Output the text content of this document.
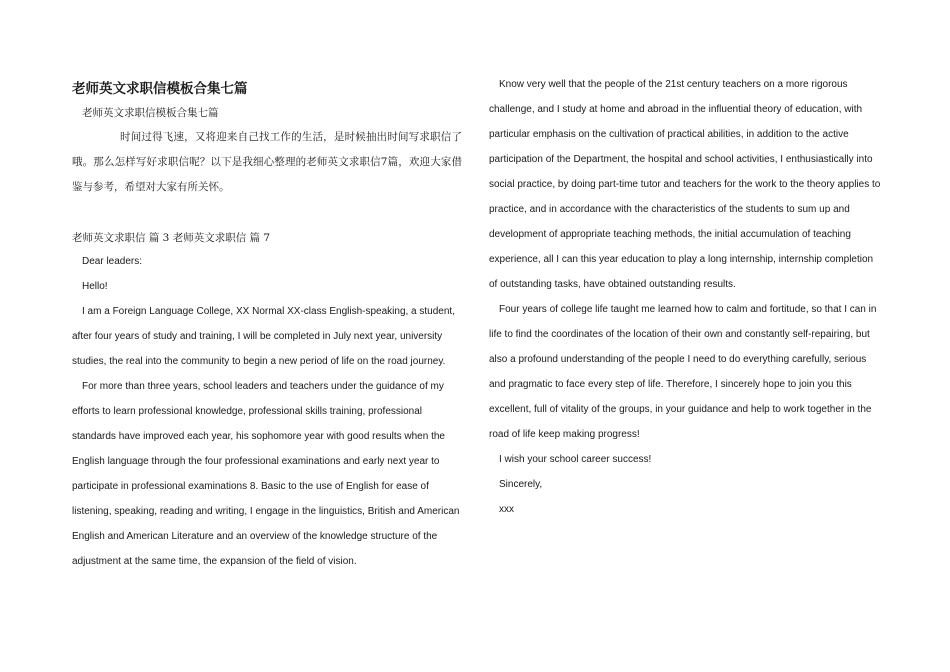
老师英文求职信模板合集七篇
老师英文求职信模板合集七篇
时间过得飞速，又将迎来自己找工作的生活，是时候抽出时间写求职信了哦。那么怎样写好求职信呢？以下是我细心整理的老师英文求职信7篇，欢迎大家借鉴与参考，希望对大家有所关怀。
老师英文求职信 篇 3 老师英文求职信 篇 7

Dear leaders:

Hello!

I am a Foreign Language College, XX Normal XX-class English-speaking, a student, after four years of study and training, I will be completed in July next year, university studies, the real into the community to begin a new period of life on the road journey.

For more than three years, school leaders and teachers under the guidance of my efforts to learn professional knowledge, professional skills training, professional standards have improved each year, his sophomore year with good results when the English language through the four professional examinations and early next year to participate in professional examinations 8. Basic to the use of English for ease of listening, speaking, reading and writing, I engage in the linguistics, British and American English and American Literature and an overview of the knowledge structure of the adjustment at the same time, the expansion of the field of vision.

Know very well that the people of the 21st century teachers on a more rigorous challenge, and I study at home and abroad in the influential theory of education, with particular emphasis on the cultivation of practical abilities, in addition to the active participation of the Department, the hospital and school activities, I enthusiastically into social practice, by doing part-time tutor and teachers for the work to the theory applies to practice, and in accordance with the characteristics of the students to sum up and development of appropriate teaching methods, the initial accumulation of teaching experience, all I can this year education to play a long internship, internship completion of outstanding tasks, have obtained outstanding results.

Four years of college life taught me learned how to calm and fortitude, so that I can in life to find the coordinates of the location of their own and constantly self-repairing, but also a profound understanding of the people I need to do everything carefully, serious and pragmatic to face every step of life. Therefore, I sincerely hope to join you this excellent, full of vitality of the groups, in your guidance and help to work together in the road of life keep making progress!

I wish your school career success!

Sincerely,

xxx
